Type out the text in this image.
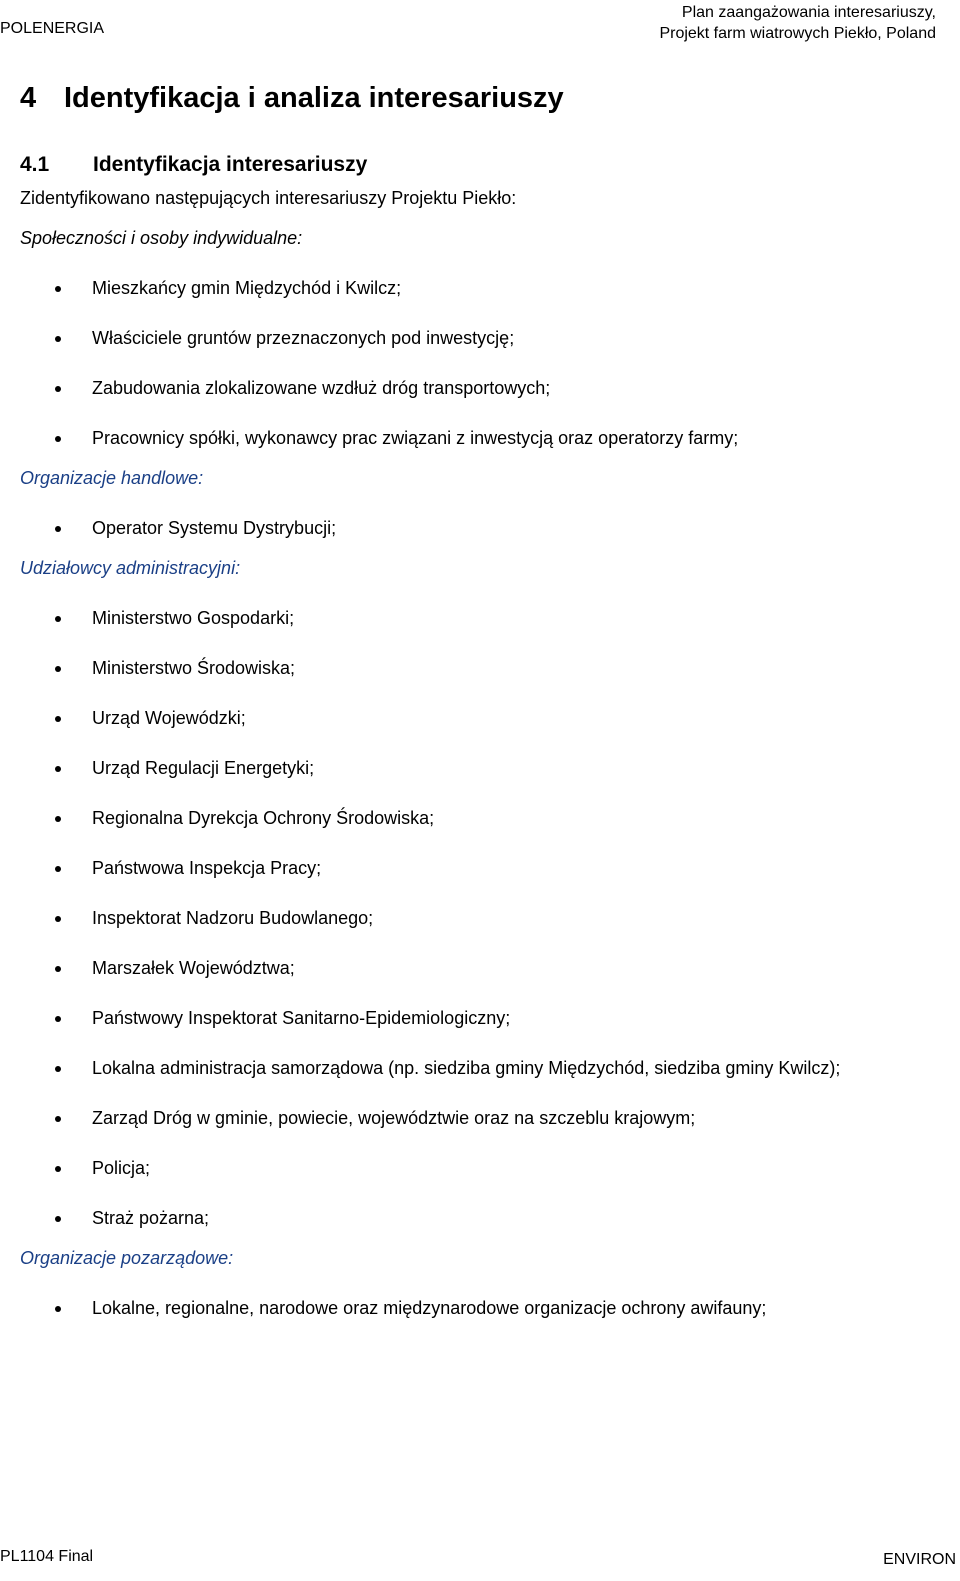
POLENERGIA
Plan zaangażowania interesariuszy,
Projekt farm wiatrowych Piekło, Poland
4 Identyfikacja i analiza interesariuszy
4.1 Identyfikacja interesariuszy

Zidentyfikowano następujących interesariuszy Projektu Piekło:

Społeczności i osoby indywidualne:
Mieszkańcy gmin Międzychód i Kwilcz;
Właściciele gruntów przeznaczonych pod inwestycję;
Zabudowania zlokalizowane wzdłuż dróg transportowych;
Pracownicy spółki, wykonawcy prac związani z inwestycją oraz operatorzy farmy;
Organizacje handlowe:
Operator Systemu Dystrybucji;
Udziałowcy administracyjni:
Ministerstwo Gospodarki;
Ministerstwo Środowiska;
Urząd Wojewódzki;
Urząd Regulacji Energetyki;
Regionalna Dyrekcja Ochrony Środowiska;
Państwowa Inspekcja Pracy;
Inspektorat Nadzoru Budowlanego;
Marszałek Województwa;
Państwowy Inspektorat Sanitarno-Epidemiologiczny;
Lokalna administracja samorządowa (np. siedziba gminy Międzychód, siedziba gminy Kwilcz);
Zarząd Dróg w gminie, powiecie, województwie oraz na szczeblu krajowym;
Policja;
Straż pożarna;
Organizacje pozarządowe:
Lokalne, regionalne, narodowe oraz międzynarodowe organizacje ochrony awifauny;
PL1104 Final	ENVIRON
